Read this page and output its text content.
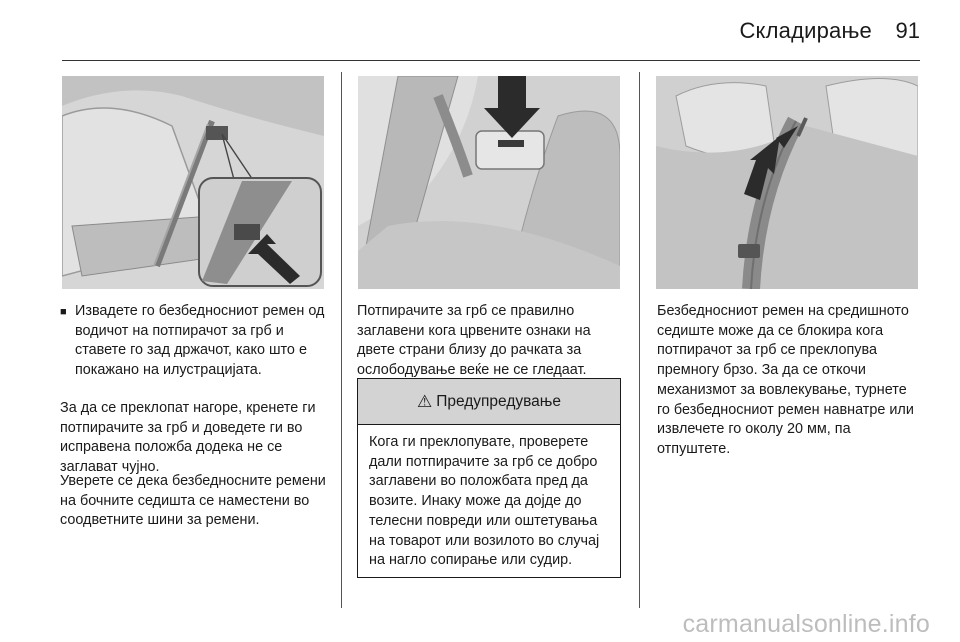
Складирање 91
■ Извадете го безбедносниот ремен од водичот на потпирачот за грб и ставете го зад држачот, како што е покажано на илустрацијата.
За да се преклопат нагоре, кренете ги потпирачите за грб и доведете ги во исправена положба додека не се заглават чујно.
Уверете се дека безбедносните ремени на бочните седишта се наместени во соодветните шини за ремени.
Потпирачите за грб се правилно заглавени кога црвените ознаки на двете страни близу до рачката за ослободување веќе не се гледаат.
⚠ Предупредување
Кога ги преклопувате, проверете дали потпирачите за грб се добро заглавени во положбата пред да возите. Инаку може да дојде до телесни повреди или оштетувања на товарот или возилото во случај на нагло сопирање или судир.
Безбедносниот ремен на средишното седиште може да се блокира кога потпирачот за грб се преклопува премногу брзо. За да се откочи механизмот за вовлекување, турнете го безбедносниот ремен навнатре или извлечете го околу 20 мм, па отпуштете.
carmanualsonline.info
